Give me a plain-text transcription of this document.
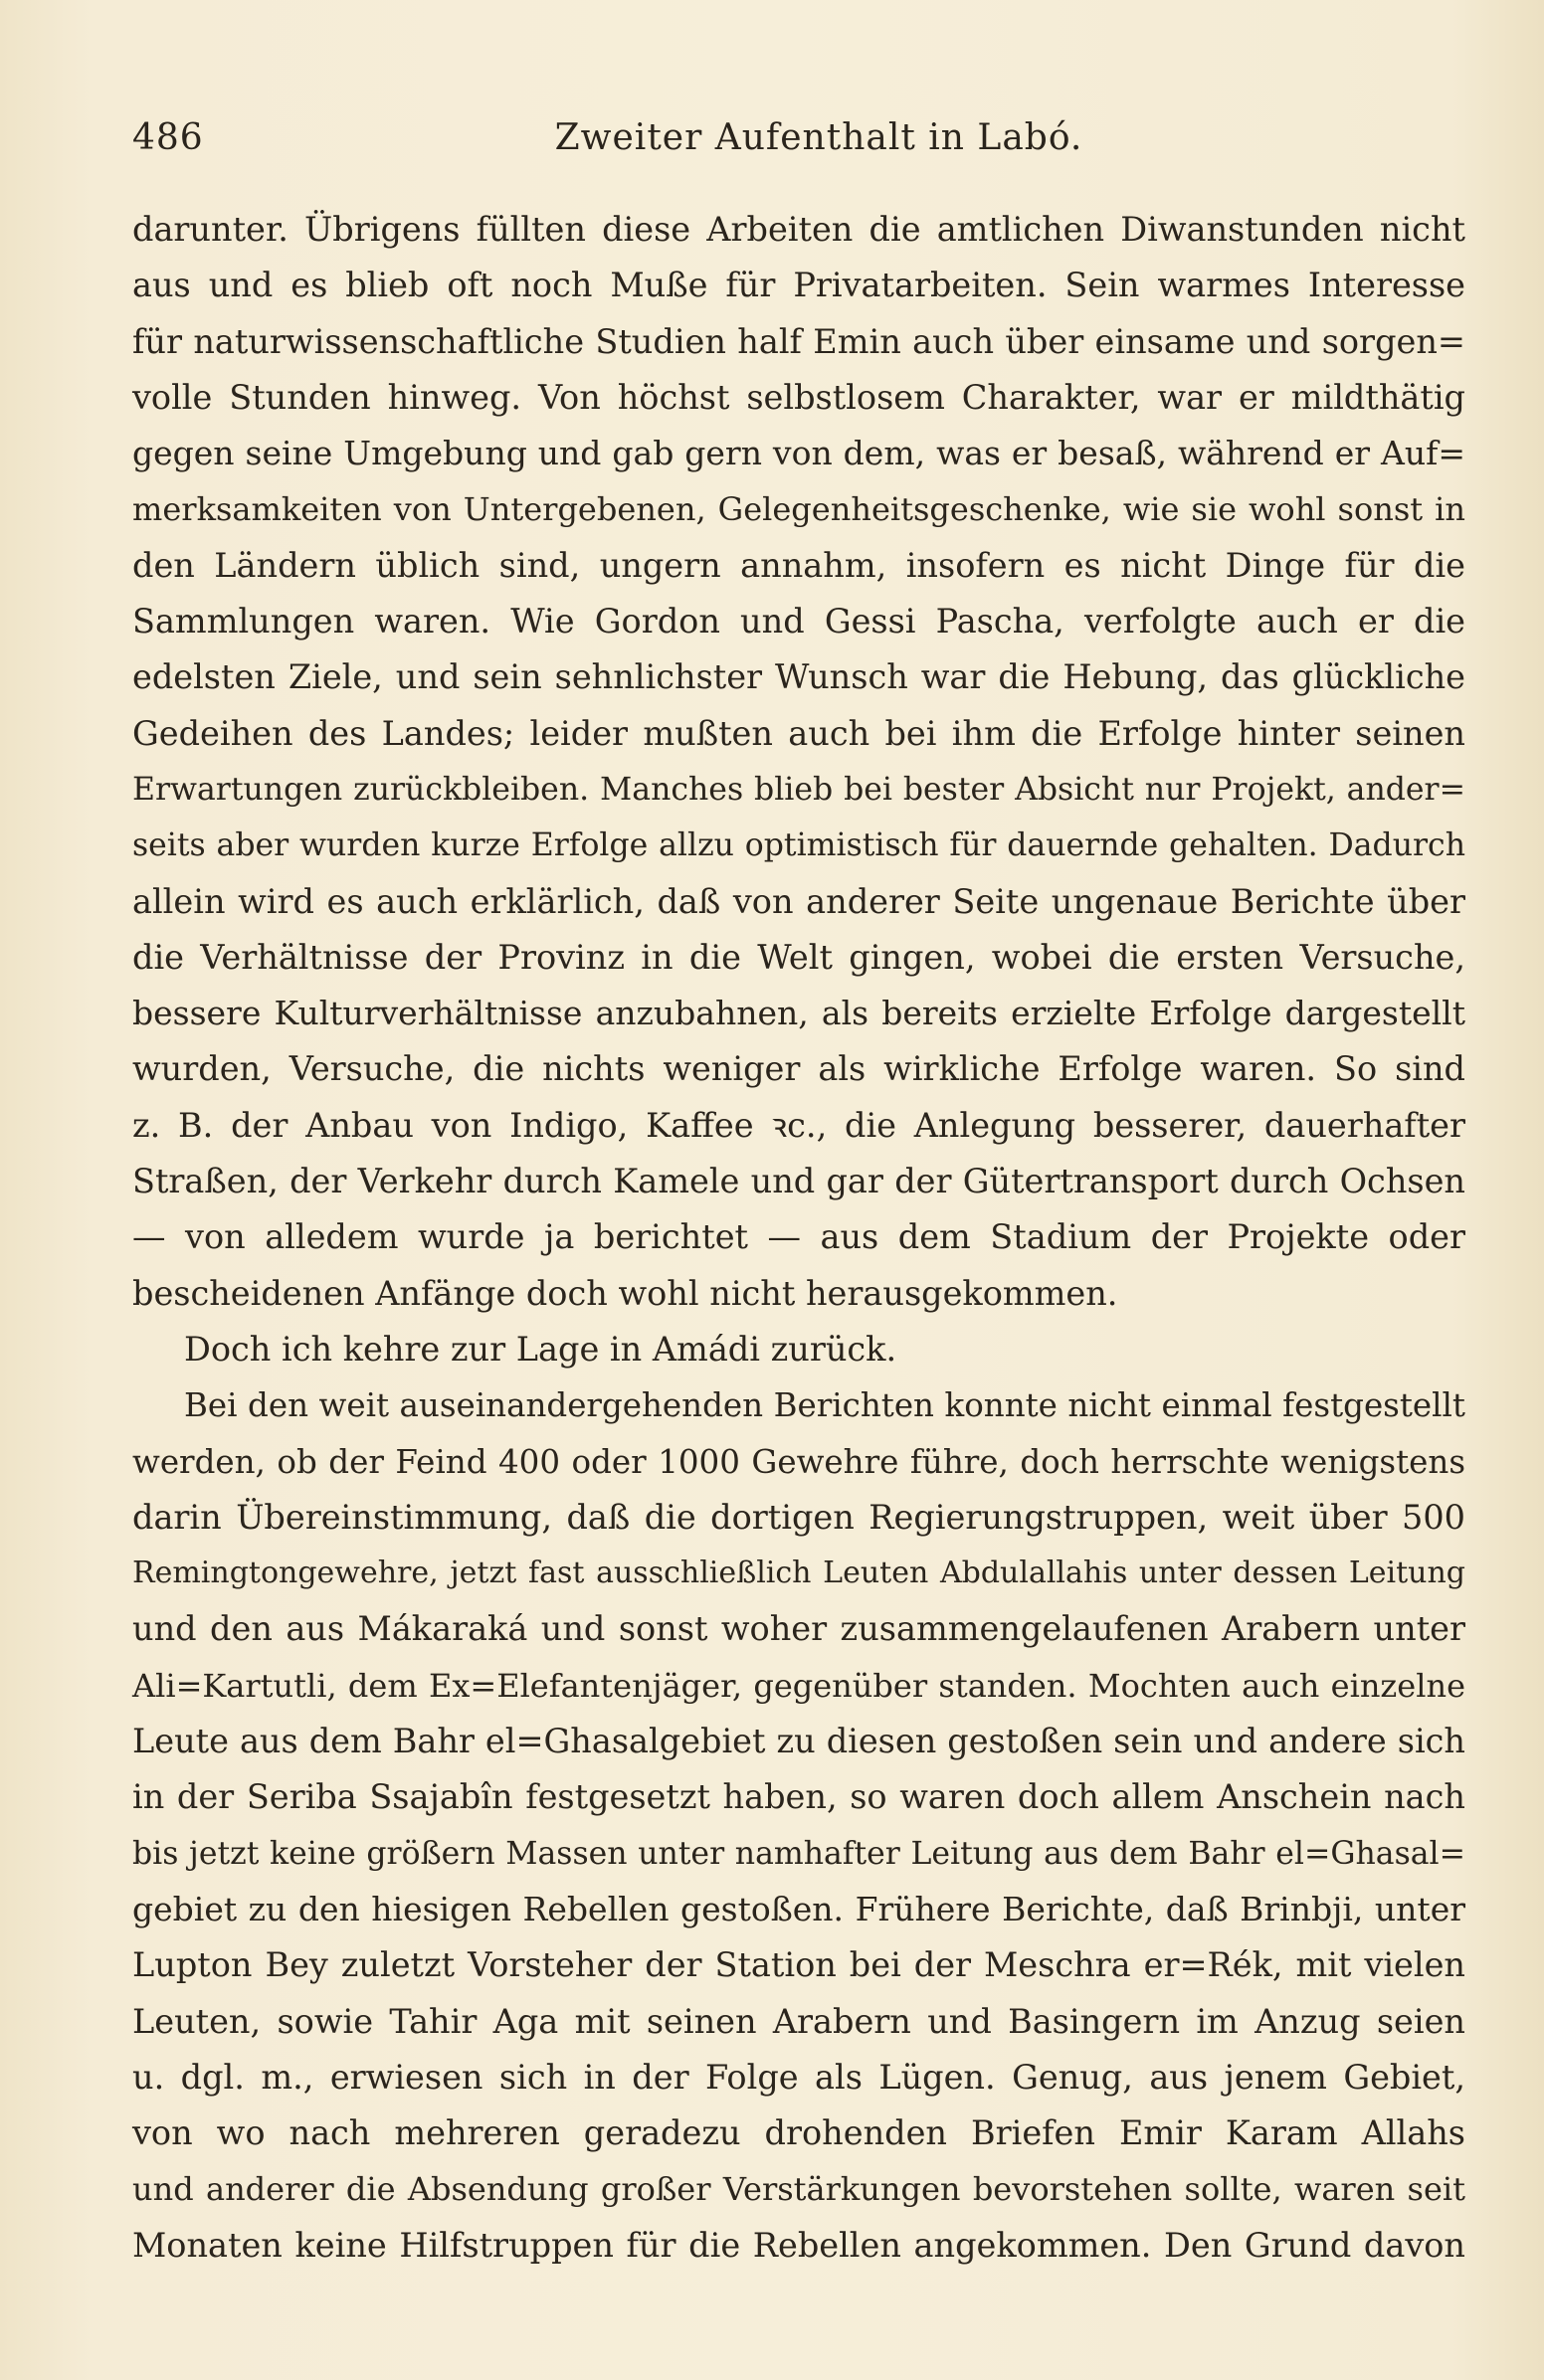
486	Zweiter Aufenthalt in Labó.
darunter. Übrigens füllten diese Arbeiten die amtlichen Diwanstunden nicht
aus und es blieb oft noch Muße für Privatarbeiten. Sein warmes Interesse
für naturwissenschaftliche Studien half Emin auch über einsame und sorgen=
volle Stunden hinweg. Von höchst selbstlosem Charakter, war er mildthätig
gegen seine Umgebung und gab gern von dem, was er besaß, während er Auf=
merksamkeiten von Untergebenen, Gelegenheitsgeschenke, wie sie wohl sonst in
den Ländern üblich sind, ungern annahm, insofern es nicht Dinge für die
Sammlungen waren. Wie Gordon und Gessi Pascha, verfolgte auch er die
edelsten Ziele, und sein sehnlichster Wunsch war die Hebung, das glückliche
Gedeihen des Landes; leider mußten auch bei ihm die Erfolge hinter seinen
Erwartungen zurückbleiben. Manches blieb bei bester Absicht nur Projekt, ander=
seits aber wurden kurze Erfolge allzu optimistisch für dauernde gehalten. Dadurch
allein wird es auch erklärlich, daß von anderer Seite ungenaue Berichte über
die Verhältnisse der Provinz in die Welt gingen, wobei die ersten Versuche,
bessere Kulturverhältnisse anzubahnen, als bereits erzielte Erfolge dargestellt
wurden, Versuche, die nichts weniger als wirkliche Erfolge waren. So sind
z. B. der Anbau von Indigo, Kaffee ꝛc., die Anlegung besserer, dauerhafter
Straßen, der Verkehr durch Kamele und gar der Gütertransport durch Ochsen
— von alledem wurde ja berichtet — aus dem Stadium der Projekte oder
bescheidenen Anfänge doch wohl nicht herausgekommen.
Doch ich kehre zur Lage in Amádi zurück.
Bei den weit auseinandergehenden Berichten konnte nicht einmal festgestellt
werden, ob der Feind 400 oder 1000 Gewehre führe, doch herrschte wenigstens
darin Übereinstimmung, daß die dortigen Regierungstruppen, weit über 500
Remingtongewehre, jetzt fast ausschließlich Leuten Abdulallahis unter dessen Leitung
und den aus Mákaraká und sonst woher zusammengelaufenen Arabern unter
Ali=Kartutli, dem Ex=Elefantenjäger, gegenüber standen. Mochten auch einzelne
Leute aus dem Bahr el=Ghasalgebiet zu diesen gestoßen sein und andere sich
in der Seriba Ssajabîn festgesetzt haben, so waren doch allem Anschein nach
bis jetzt keine größern Massen unter namhafter Leitung aus dem Bahr el=Ghasal=
gebiet zu den hiesigen Rebellen gestoßen. Frühere Berichte, daß Brinbji, unter
Lupton Bey zuletzt Vorsteher der Station bei der Meschra er=Rék, mit vielen
Leuten, sowie Tahir Aga mit seinen Arabern und Basingern im Anzug seien
u. dgl. m., erwiesen sich in der Folge als Lügen. Genug, aus jenem Gebiet,
von wo nach mehreren geradezu drohenden Briefen Emir Karam Allahs
und anderer die Absendung großer Verstärkungen bevorstehen sollte, waren seit
Monaten keine Hilfstruppen für die Rebellen angekommen. Den Grund davon
